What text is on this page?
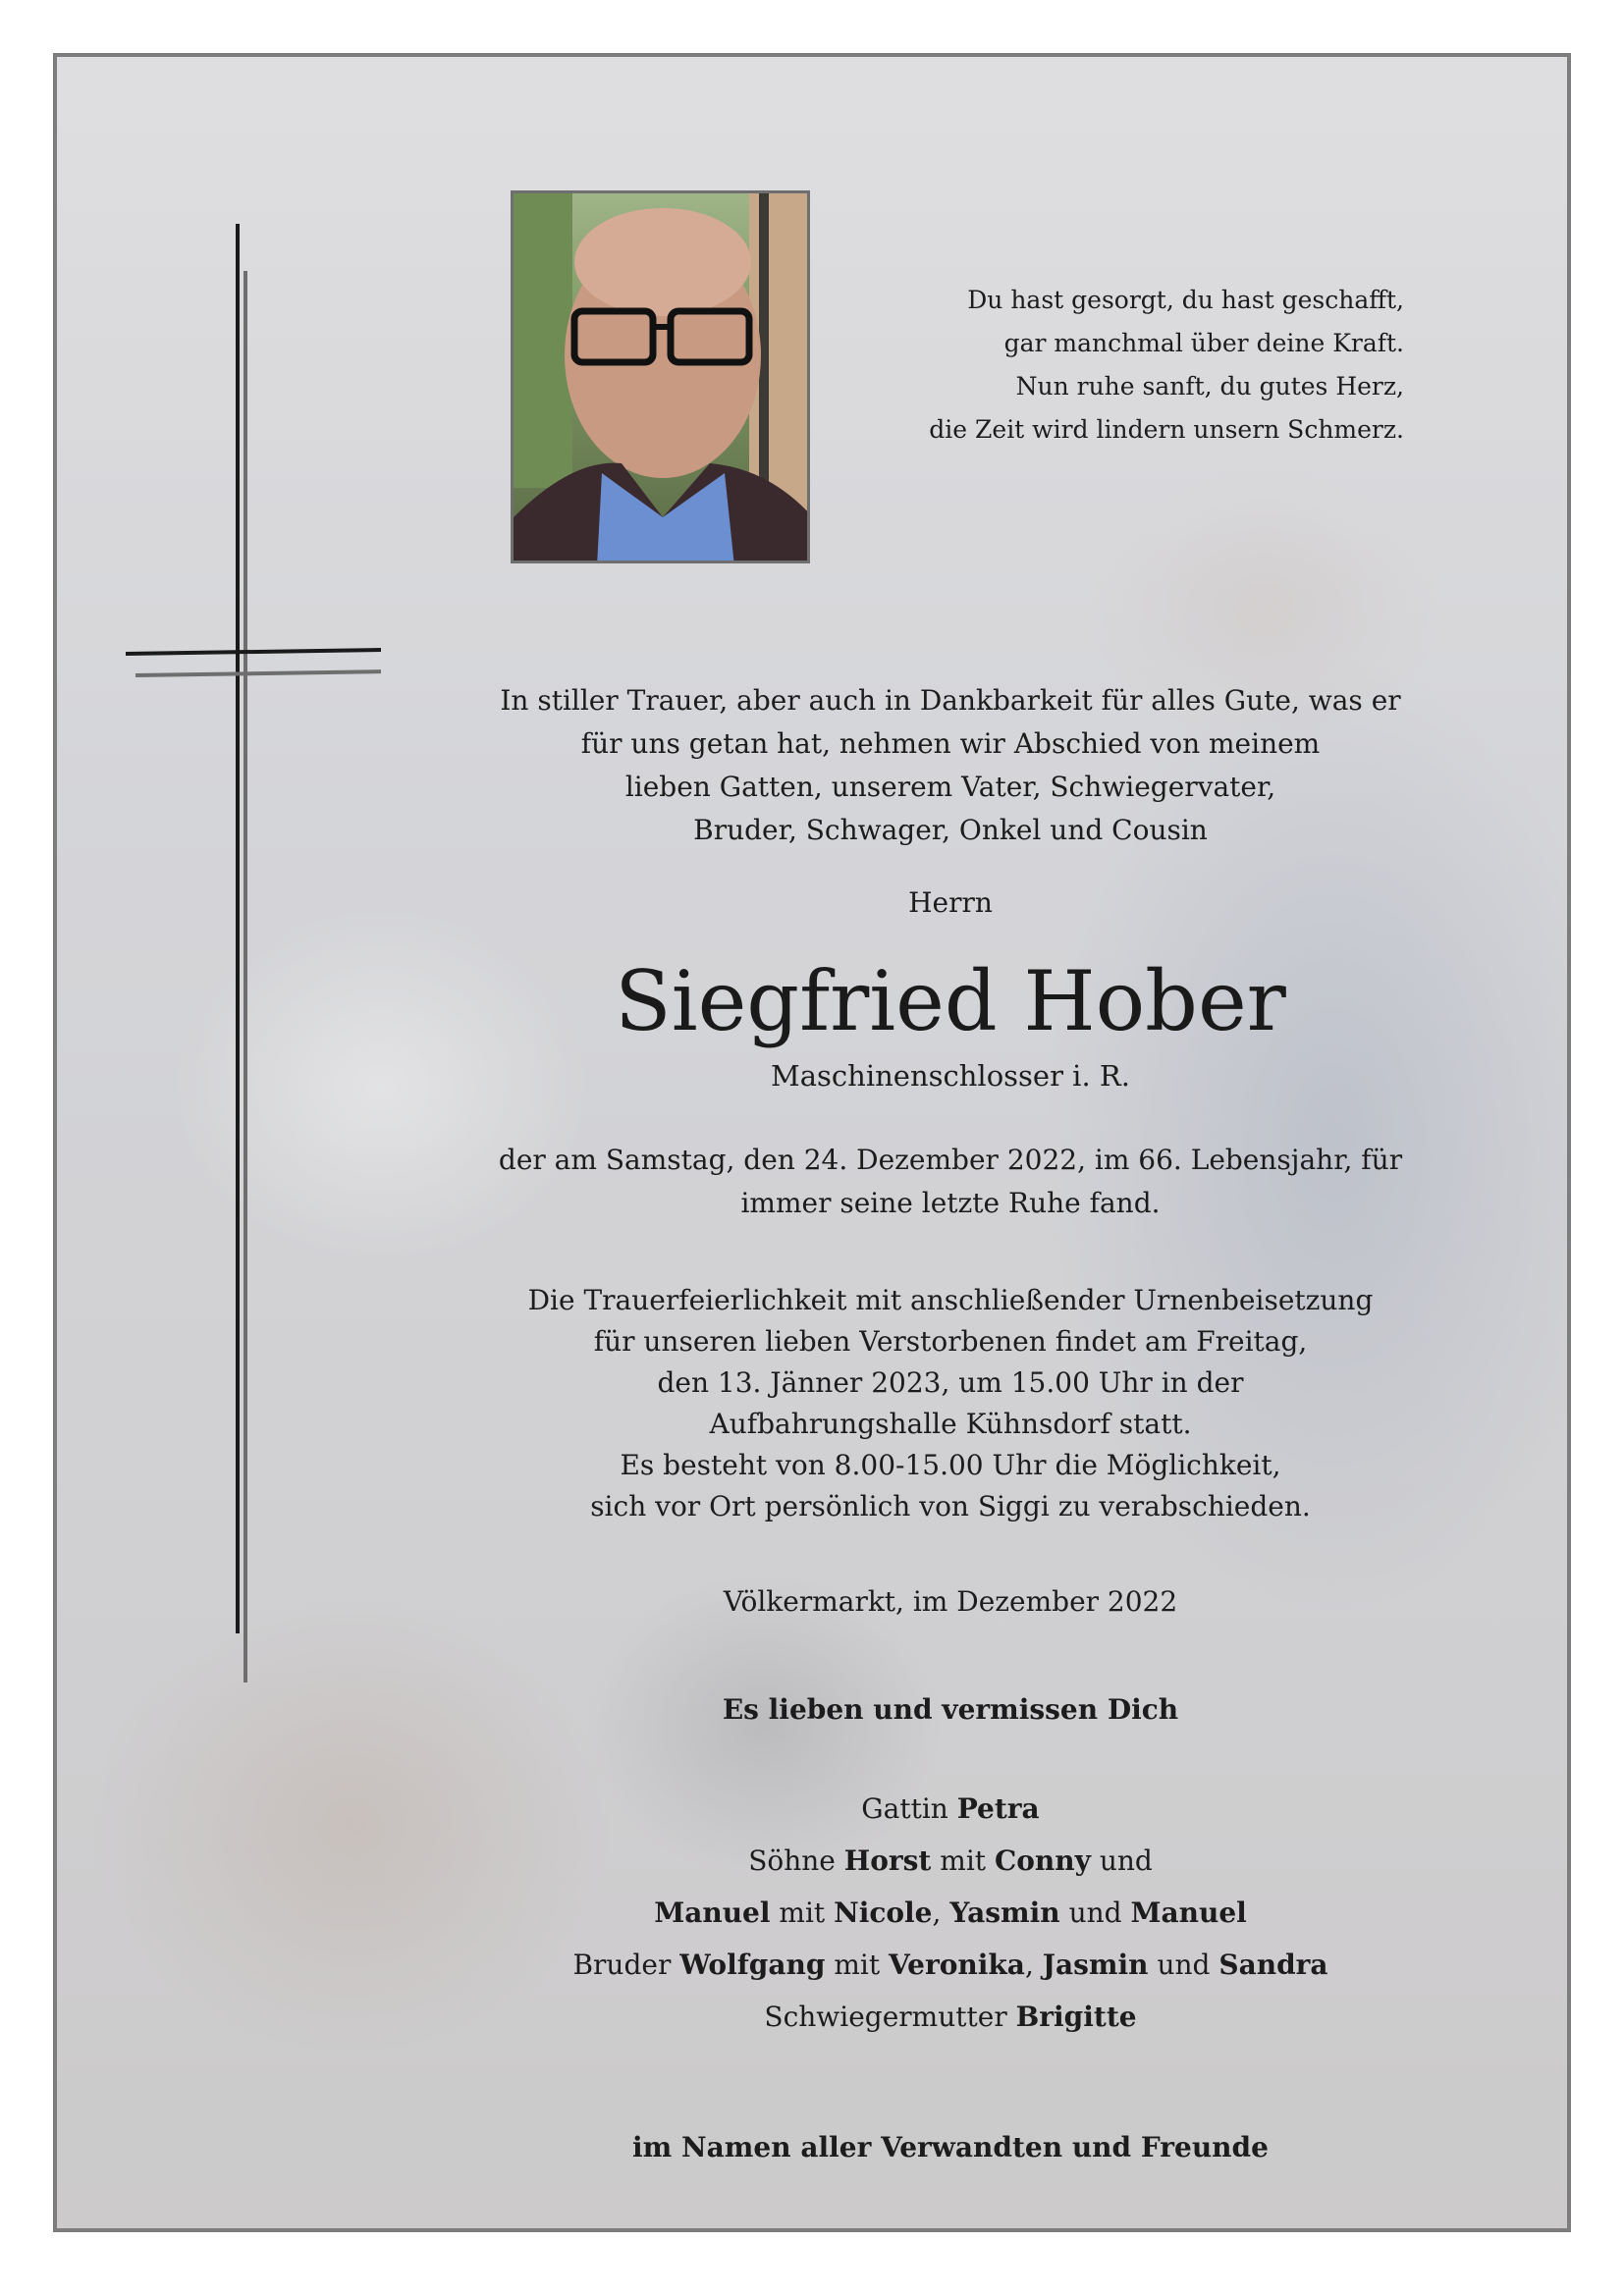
Du hast gesorgt, du hast geschafft,
gar manchmal über deine Kraft.
Nun ruhe sanft, du gutes Herz,
die Zeit wird lindern unsern Schmerz.
In stiller Trauer, aber auch in Dankbarkeit für alles Gute, was er
für uns getan hat, nehmen wir Abschied von meinem
lieben Gatten, unserem Vater, Schwiegervater,
Bruder, Schwager, Onkel und Cousin
Herrn
Siegfried Hober
Maschinenschlosser i. R.
der am Samstag, den 24. Dezember 2022, im 66. Lebensjahr, für
immer seine letzte Ruhe fand.
Die Trauerfeierlichkeit mit anschließender Urnenbeisetzung
für unseren lieben Verstorbenen findet am Freitag,
den 13. Jänner 2023, um 15.00 Uhr in der
Aufbahrungshalle Kühnsdorf statt.
Es besteht von 8.00-15.00 Uhr die Möglichkeit,
sich vor Ort persönlich von Siggi zu verabschieden.
Völkermarkt, im Dezember 2022
Es lieben und vermissen Dich
Gattin Petra
Söhne Horst mit Conny und
Manuel mit Nicole, Yasmin und Manuel
Bruder Wolfgang mit Veronika, Jasmin und Sandra
Schwiegermutter Brigitte
im Namen aller Verwandten und Freunde
